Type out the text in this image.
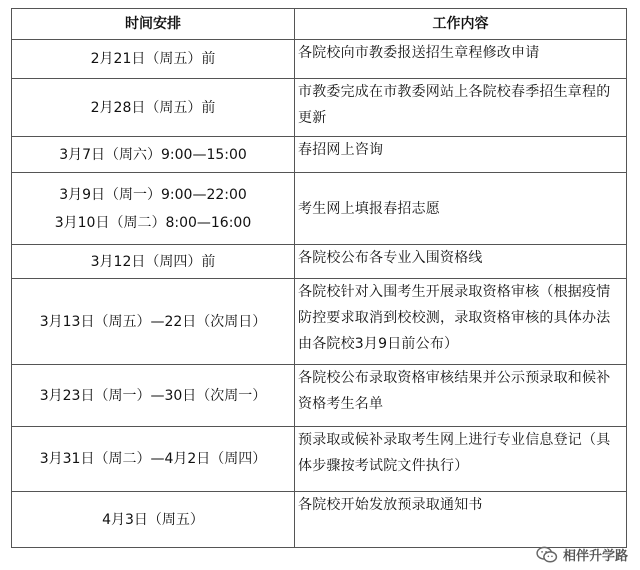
时间安排	工作内容

2月21日（周五）前	各院校向市教委报送招生章程修改申请

2月28日（周五）前	市教委完成在市教委网站上各院校春季招生章程的更新

3月7日（周六）9:00—15:00	春招网上咨询

3月9日（周一）9:00—22:00
3月10日（周二）8:00—16:00	考生网上填报春招志愿

3月12日（周四）前	各院校公布各专业入围资格线

3月13日（周五）—22日（次周日）	各院校针对入围考生开展录取资格审核（根据疫情防控要求取消到校校测，录取资格审核的具体办法由各院校3月9日前公布）

3月23日（周一）—30日（次周一）	各院校公布录取资格审核结果并公示预录取和候补资格考生名单

3月31日（周二）—4月2日（周四）	预录取或候补录取考生网上进行专业信息登记（具体步骤按考试院文件执行）

4月3日（周五）	各院校开始发放预录取通知书
相伴升学路
